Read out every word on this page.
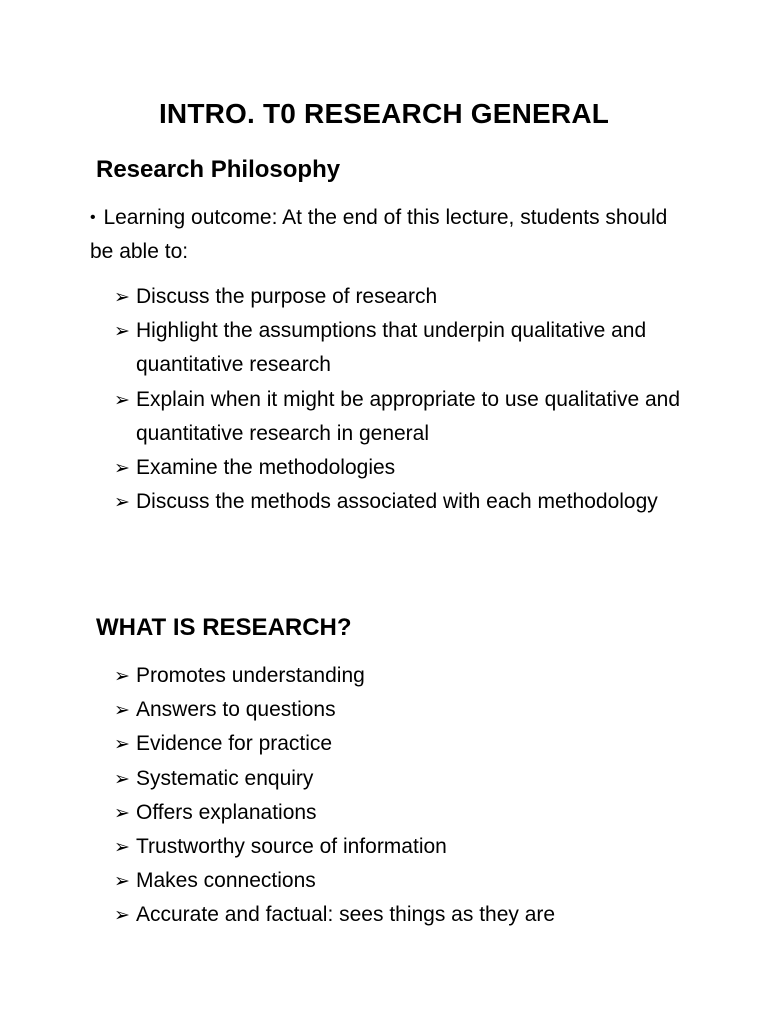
INTRO. T0 RESEARCH GENERAL
Research Philosophy
• Learning outcome: At the end of this lecture, students should be able to:
➢ Discuss the purpose of research
➢ Highlight the assumptions that underpin qualitative and quantitative research
➢ Explain when it might be appropriate to use qualitative and quantitative research in general
➢ Examine the methodologies
➢ Discuss the methods associated with each methodology
WHAT IS RESEARCH?
➢ Promotes understanding
➢ Answers to questions
➢ Evidence for practice
➢ Systematic enquiry
➢ Offers explanations
➢ Trustworthy source of information
➢ Makes connections
➢ Accurate and factual: sees things as they are
